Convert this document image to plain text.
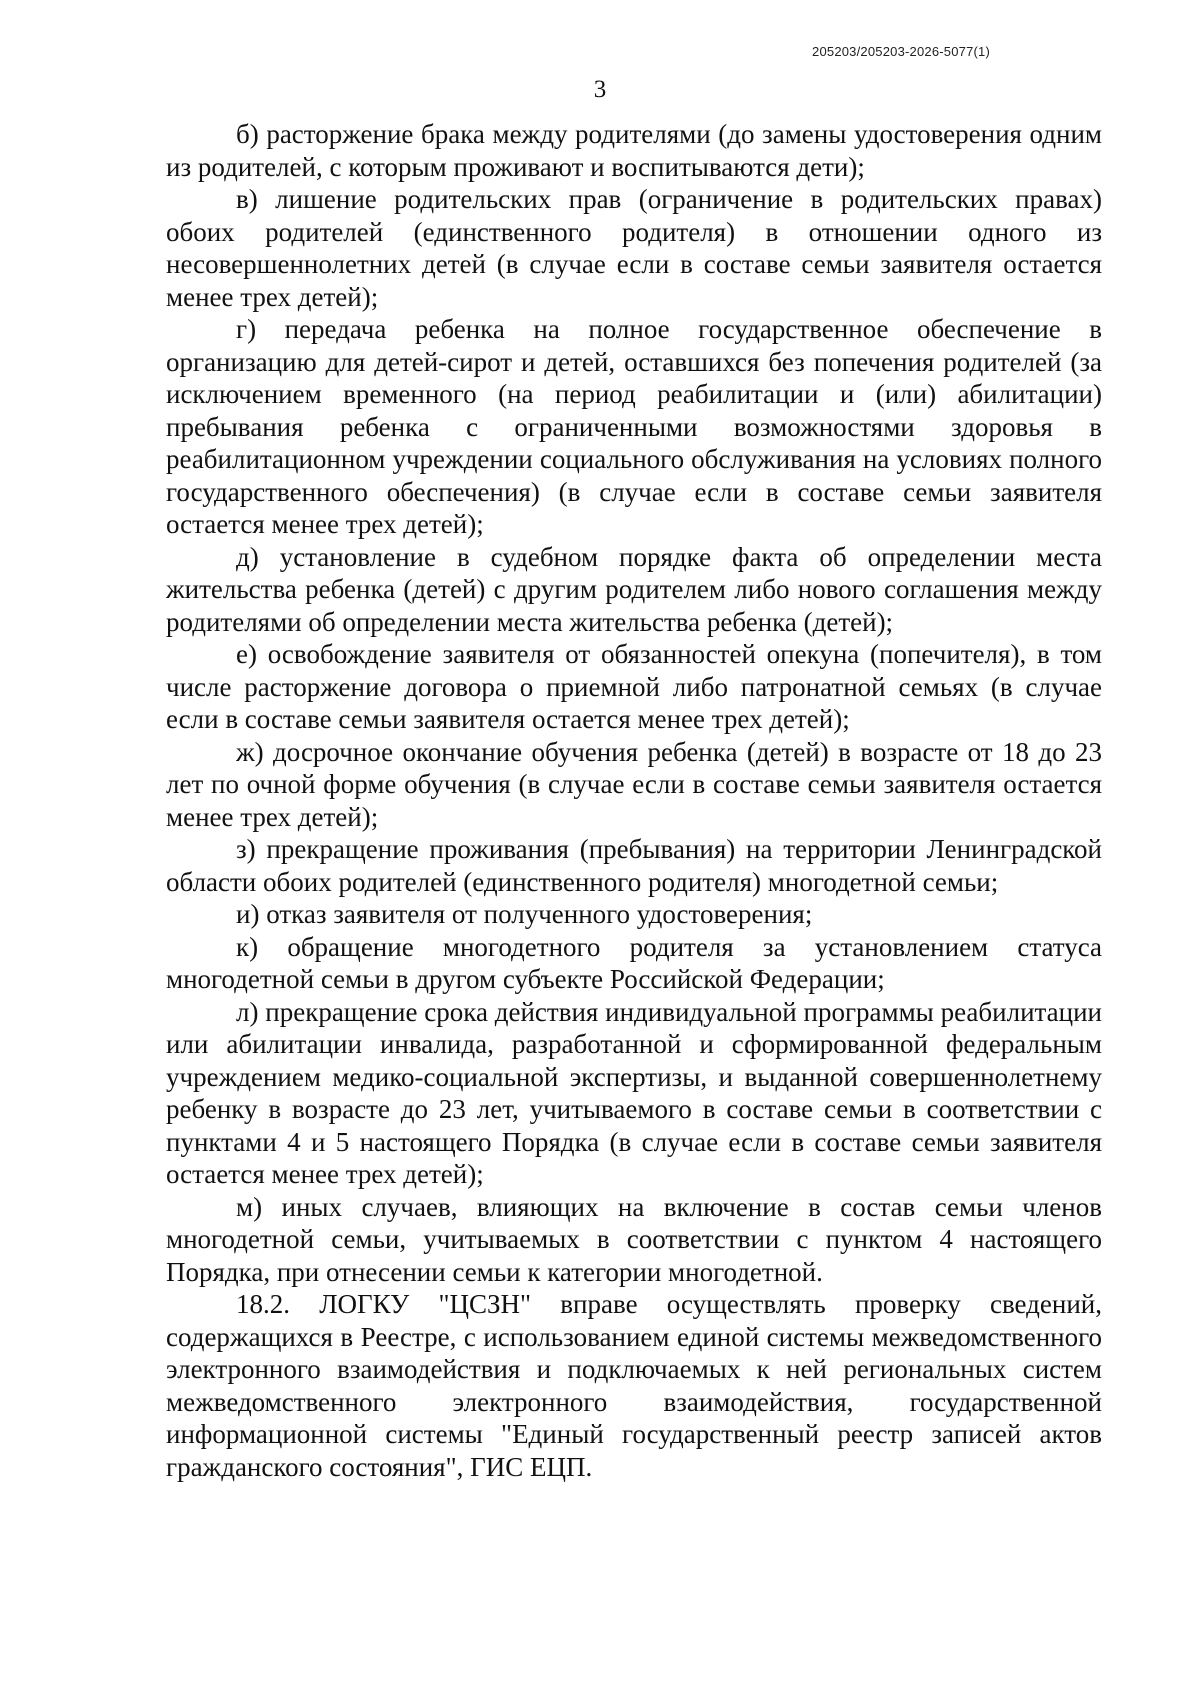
205203/205203-2026-5077(1)
3

б) расторжение брака между родителями (до замены удостоверения одним из родителей, с которым проживают и воспитываются дети);

в) лишение родительских прав (ограничение в родительских правах) обоих родителей (единственного родителя) в отношении одного из несовершеннолетних детей (в случае если в составе семьи заявителя остается менее трех детей);

г) передача ребенка на полное государственное обеспечение в организацию для детей-сирот и детей, оставшихся без попечения родителей (за исключением временного (на период реабилитации и (или) абилитации) пребывания ребенка с ограниченными возможностями здоровья в реабилитационном учреждении социального обслуживания на условиях полного государственного обеспечения) (в случае если в составе семьи заявителя остается менее трех детей);

д) установление в судебном порядке факта об определении места жительства ребенка (детей) с другим родителем либо нового соглашения между родителями об определении места жительства ребенка (детей);

е) освобождение заявителя от обязанностей опекуна (попечителя), в том числе расторжение договора о приемной либо патронатной семьях (в случае если в составе семьи заявителя остается менее трех детей);

ж) досрочное окончание обучения ребенка (детей) в возрасте от 18 до 23 лет по очной форме обучения (в случае если в составе семьи заявителя остается менее трех детей);

з) прекращение проживания (пребывания) на территории Ленинградской области обоих родителей (единственного родителя) многодетной семьи;

и) отказ заявителя от полученного удостоверения;

к) обращение многодетного родителя за установлением статуса многодетной семьи в другом субъекте Российской Федерации;

л) прекращение срока действия индивидуальной программы реабилитации или абилитации инвалида, разработанной и сформированной федеральным учреждением медико-социальной экспертизы, и выданной совершеннолетнему ребенку в возрасте до 23 лет, учитываемого в составе семьи в соответствии с пунктами 4 и 5 настоящего Порядка (в случае если в составе семьи заявителя остается менее трех детей);

м) иных случаев, влияющих на включение в состав семьи членов многодетной семьи, учитываемых в соответствии с пунктом 4 настоящего Порядка, при отнесении семьи к категории многодетной.

18.2. ЛОГКУ "ЦСЗН" вправе осуществлять проверку сведений, содержащихся в Реестре, с использованием единой системы межведомственного электронного взаимодействия и подключаемых к ней региональных систем межведомственного электронного взаимодействия, государственной информационной системы "Единый государственный реестр записей актов гражданского состояния", ГИС ЕЦП.
